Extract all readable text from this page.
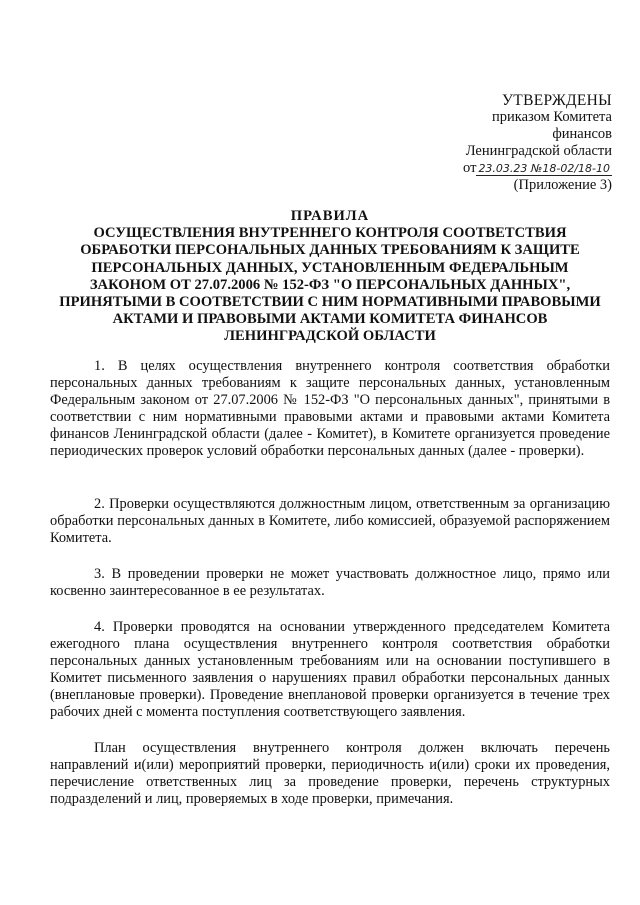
УТВЕРЖДЕНЫ
приказом Комитета
финансов
Ленинградской области
от 23.03.23 №18-02/18-10
(Приложение 3)
ПРАВИЛА
ОСУЩЕСТВЛЕНИЯ ВНУТРЕННЕГО КОНТРОЛЯ СООТВЕТСТВИЯ
ОБРАБОТКИ ПЕРСОНАЛЬНЫХ ДАННЫХ ТРЕБОВАНИЯМ К ЗАЩИТЕ
ПЕРСОНАЛЬНЫХ ДАННЫХ, УСТАНОВЛЕННЫМ ФЕДЕРАЛЬНЫМ
ЗАКОНОМ ОТ 27.07.2006 № 152-ФЗ "О ПЕРСОНАЛЬНЫХ ДАННЫХ",
ПРИНЯТЫМИ В СООТВЕТСТВИИ С НИМ НОРМАТИВНЫМИ ПРАВОВЫМИ
АКТАМИ И ПРАВОВЫМИ АКТАМИ КОМИТЕТА ФИНАНСОВ
ЛЕНИНГРАДСКОЙ ОБЛАСТИ

1. В целях осуществления внутреннего контроля соответствия обработки персональных данных требованиям к защите персональных данных, установленным Федеральным законом от 27.07.2006 № 152-ФЗ "О персональных данных", принятыми в соответствии с ним нормативными правовыми актами и правовыми актами Комитета финансов Ленинградской области (далее - Комитет), в Комитете организуется проведение периодических проверок условий обработки персональных данных (далее - проверки).

2. Проверки осуществляются должностным лицом, ответственным за организацию обработки персональных данных в Комитете, либо комиссией, образуемой распоряжением Комитета.

3. В проведении проверки не может участвовать должностное лицо, прямо или косвенно заинтересованное в ее результатах.

4. Проверки проводятся на основании утвержденного председателем Комитета ежегодного плана осуществления внутреннего контроля соответствия обработки персональных данных установленным требованиям или на основании поступившего в Комитет письменного заявления о нарушениях правил обработки персональных данных (внеплановые проверки). Проведение внеплановой проверки организуется в течение трех рабочих дней с момента поступления соответствующего заявления.

План осуществления внутреннего контроля должен включать перечень направлений и(или) мероприятий проверки, периодичность и(или) сроки их проведения, перечисление ответственных лиц за проведение проверки, перечень структурных подразделений и лиц, проверяемых в ходе проверки, примечания.
